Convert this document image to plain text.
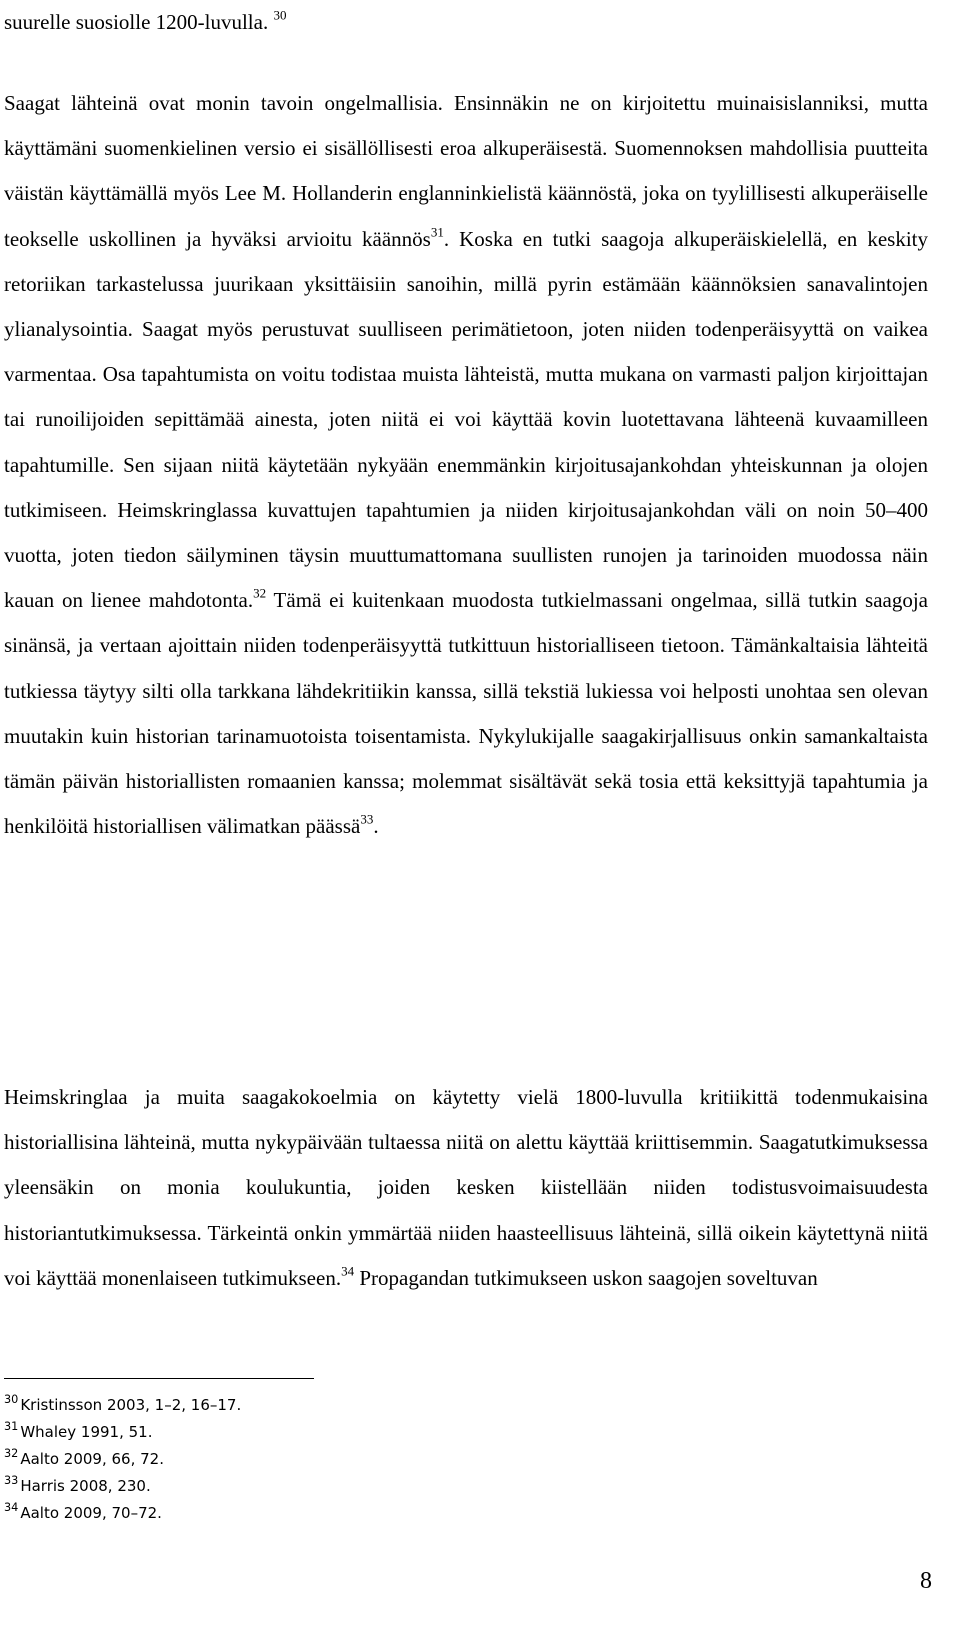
suurelle suosiolle 1200-luvulla. $^{30}$

Saagat lähteinä ovat monin tavoin ongelmallisia. Ensinnäkin ne on kirjoitettu muinaisislanniksi, mutta käyttämäni suomenkielinen versio ei sisällöllisesti eroa alkuperäisestä. Suomennoksen mahdollisia puutteita väistän käyttämällä myös Lee M. Hollanderin englanninkielistä käännöstä, joka on tyylillisesti alkuperäiselle teokselle uskollinen ja hyväksi arvioitu käännös$^{31}$. Koska en tutki saagoja alkuperäiskielellä, en keskity retoriikan tarkastelussa juurikaan yksittäisiin sanoihin, millä pyrin estämään käännöksien sanavalintojen ylianalysointia. Saagat myös perustuvat suulliseen perimätietoon, joten niiden todenperäisyyttä on vaikea varmentaa. Osa tapahtumista on voitu todistaa muista lähteistä, mutta mukana on varmasti paljon kirjoittajan tai runoilijoiden sepittämää ainesta, joten niitä ei voi käyttää kovin luotettavana lähteenä kuvaamilleen tapahtumille. Sen sijaan niitä käytetään nykyään enemmänkin kirjoitusajankohdan yhteiskunnan ja olojen tutkimiseen. Heimskringlassa kuvattujen tapahtumien ja niiden kirjoitusajankohdan väli on noin 50–400 vuotta, joten tiedon säilyminen täysin muuttumattomana suullisten runojen ja tarinoiden muodossa näin kauan on lienee mahdotonta.$^{32}$ Tämä ei kuitenkaan muodosta tutkielmassani ongelmaa, sillä tutkin saagoja sinänsä, ja vertaan ajoittain niiden todenperäisyyttä tutkittuun historialliseen tietoon. Tämänkaltaisia lähteitä tutkiessa täytyy silti olla tarkkana lähdekritiikin kanssa, sillä tekstiä lukiessa voi helposti unohtaa sen olevan muutakin kuin historian tarinamuotoista toisentamista. Nykylukijalle saagakirjallisuus onkin samankaltaista tämän päivän historiallisten romaanien kanssa; molemmat sisältävät sekä tosia että keksittyjä tapahtumia ja henkilöitä historiallisen välimatkan päässä$^{33}$.

Heimskringlaa ja muita saagakokoelmia on käytetty vielä 1800-luvulla kritiikittä todenmukaisina historiallisina lähteinä, mutta nykypäivään tultaessa niitä on alettu käyttää kriittisemmin. Saagatutkimuksessa yleensäkin on monia koulukuntia, joiden kesken kiistellään niiden todistusvoimaisuudesta historiantutkimuksessa. Tärkeintä onkin ymmärtää niiden haasteellisuus lähteinä, sillä oikein käytettynä niitä voi käyttää monenlaiseen tutkimukseen.$^{34}$ Propagandan tutkimukseen uskon saagojen soveltuvan

$^{30}$ Kristinsson 2003, 1–2, 16–17.
$^{31}$ Whaley 1991, 51.
$^{32}$ Aalto 2009, 66, 72.
$^{33}$ Harris 2008, 230.
$^{34}$ Aalto 2009, 70–72.
8
